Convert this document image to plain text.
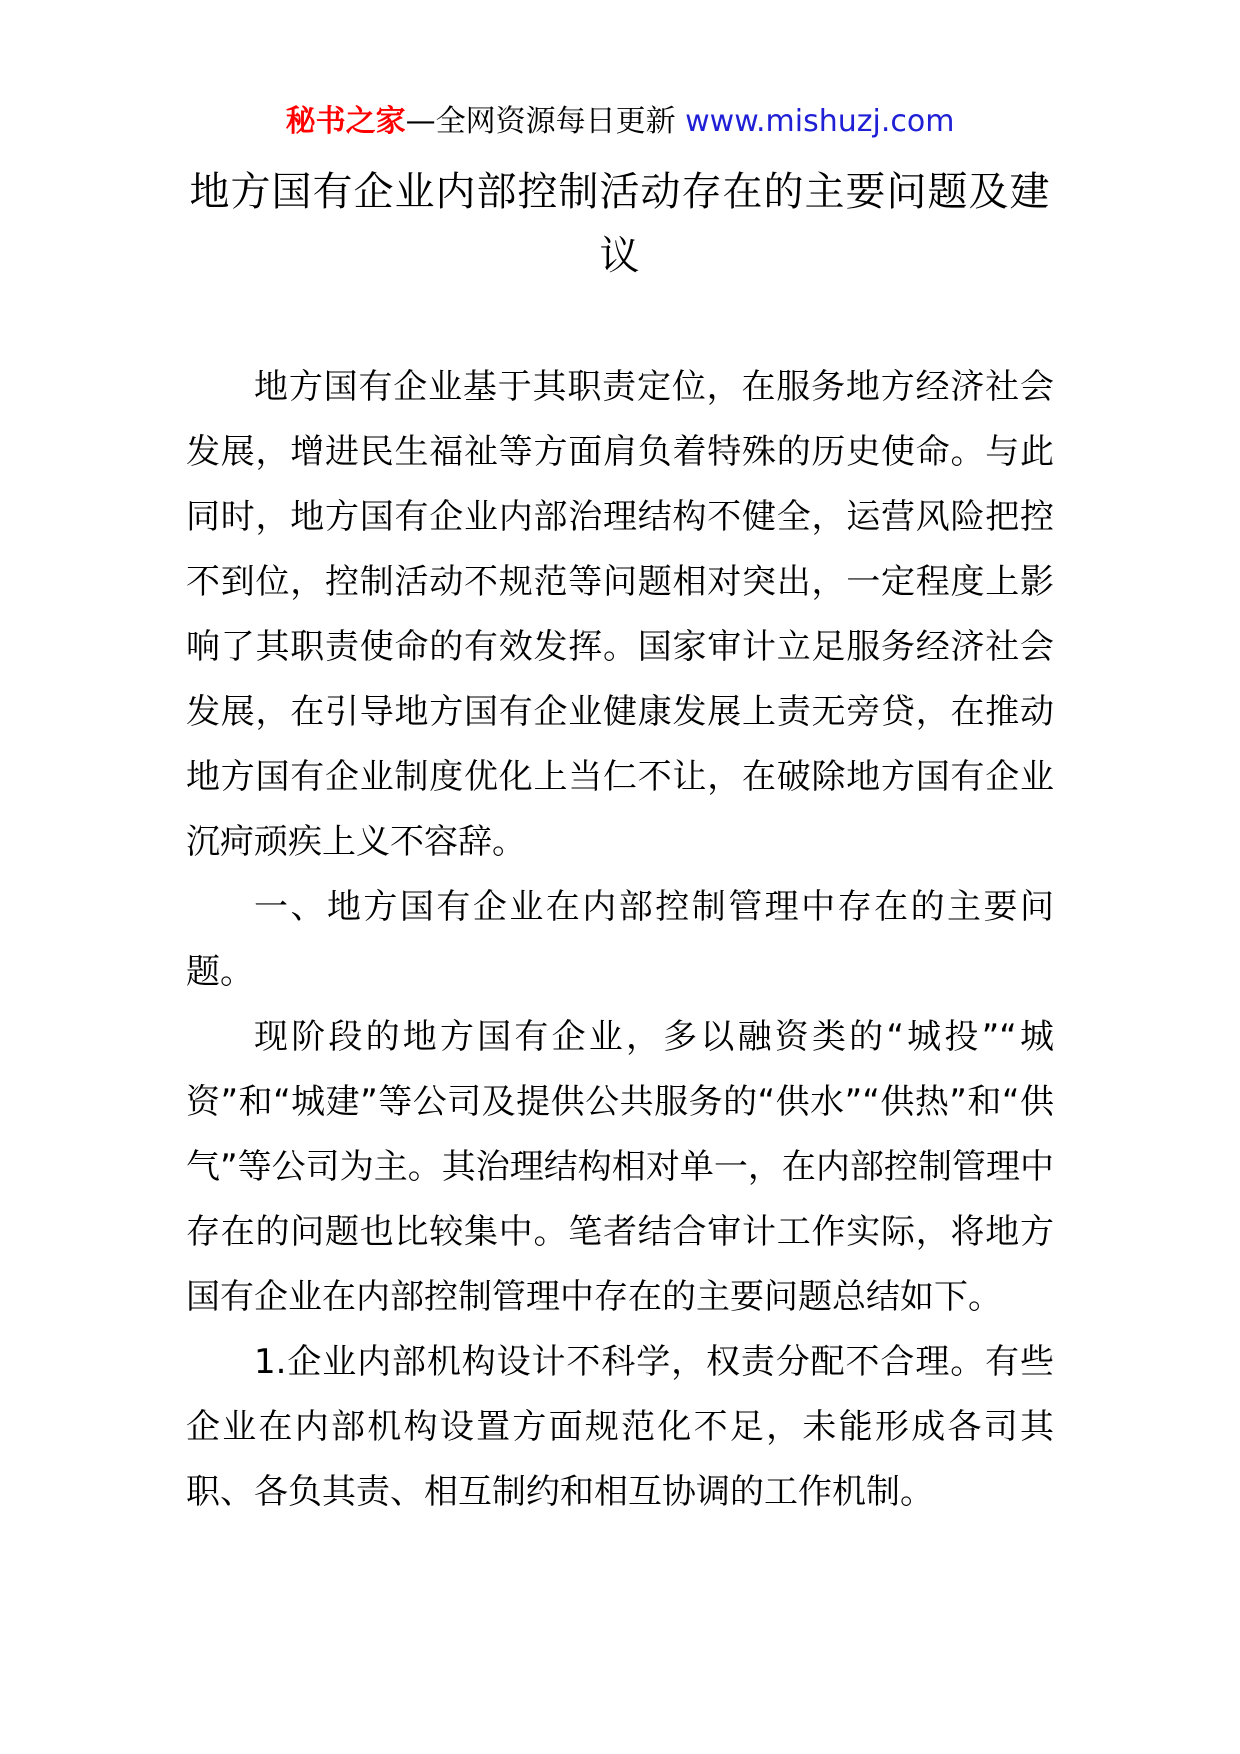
秘书之家—全网资源每日更新 www.mishuzj.com
地方国有企业内部控制活动存在的主要问题及建议

地方国有企业基于其职责定位，在服务地方经济社会发展，增进民生福祉等方面肩负着特殊的历史使命。与此同时，地方国有企业内部治理结构不健全，运营风险把控不到位，控制活动不规范等问题相对突出，一定程度上影响了其职责使命的有效发挥。国家审计立足服务经济社会发展，在引导地方国有企业健康发展上责无旁贷，在推动地方国有企业制度优化上当仁不让，在破除地方国有企业沉疴顽疾上义不容辞。

一、地方国有企业在内部控制管理中存在的主要问题。

现阶段的地方国有企业，多以融资类的“城投”“城资”和“城建”等公司及提供公共服务的“供水”“供热”和“供气”等公司为主。其治理结构相对单一，在内部控制管理中存在的问题也比较集中。笔者结合审计工作实际，将地方国有企业在内部控制管理中存在的主要问题总结如下。

1.企业内部机构设计不科学，权责分配不合理。有些企业在内部机构设置方面规范化不足，未能形成各司其职、各负其责、相互制约和相互协调的工作机制。
